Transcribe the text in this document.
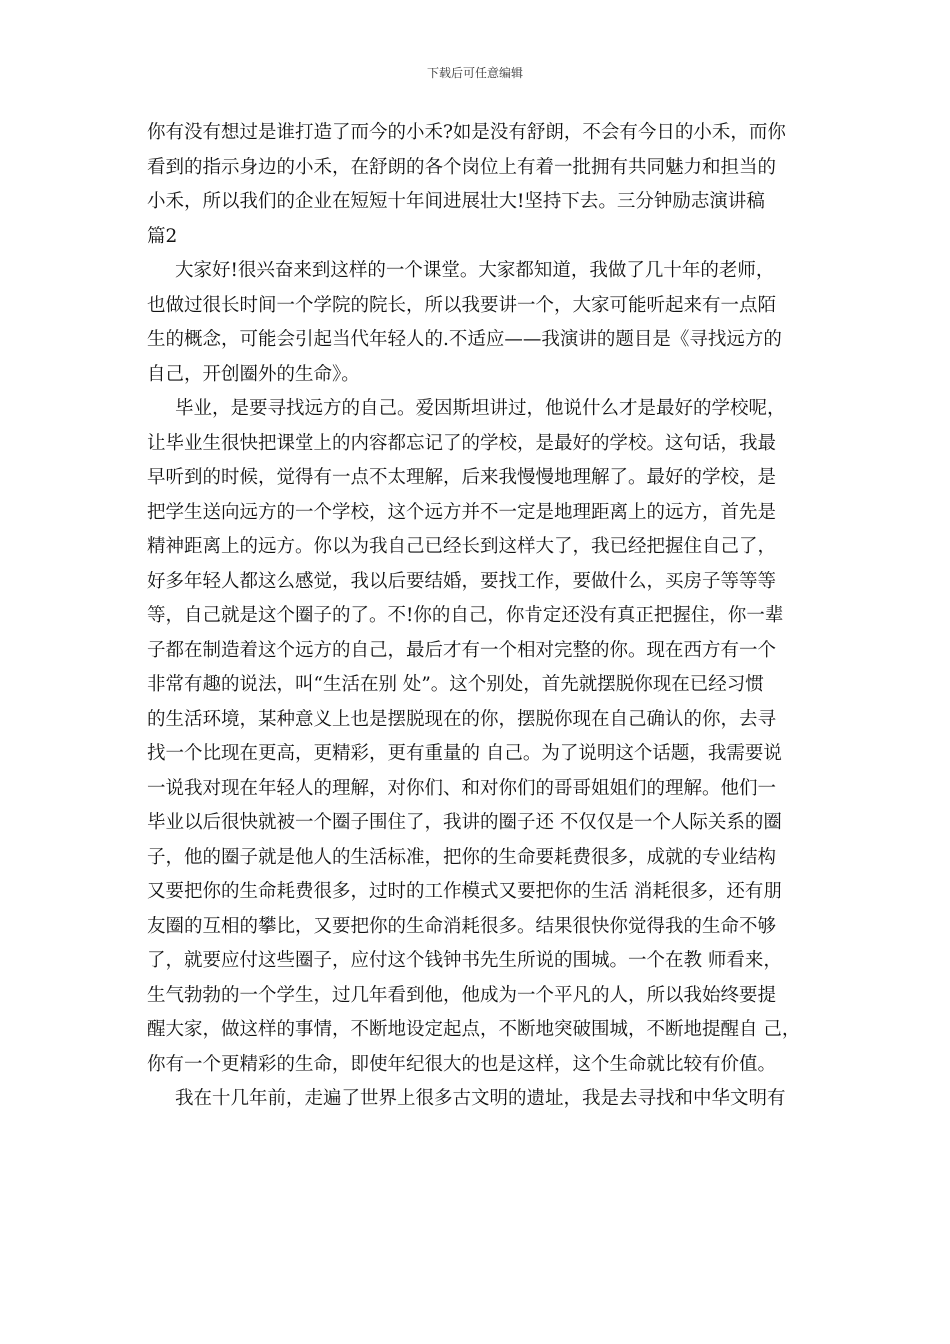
下载后可任意编辑
你有没有想过是谁打造了而今的小禾?如是没有舒朗，不会有今日的小禾，而你
看到的指示身边的小禾，在舒朗的各个岗位上有着一批拥有共同魅力和担当的
小禾，所以我们的企业在短短十年间进展壮大!坚持下去。三分钟励志演讲稿
篇2
大家好!很兴奋来到这样的一个课堂。大家都知道，我做了几十年的老师，
也做过很长时间一个学院的院长，所以我要讲一个，大家可能听起来有一点陌
生的概念，可能会引起当代年轻人的.不适应——我演讲的题目是《寻找远方的
自己，开创圈外的生命》。
毕业，是要寻找远方的自己。爱因斯坦讲过，他说什么才是最好的学校呢，
让毕业生很快把课堂上的内容都忘记了的学校，是最好的学校。这句话，我最
早听到的时候，觉得有一点不太理解，后来我慢慢地理解了。最好的学校，是
把学生送向远方的一个学校，这个远方并不一定是地理距离上的远方，首先是
精神距离上的远方。你以为我自己已经长到这样大了，我已经把握住自己了，
好多年轻人都这么感觉，我以后要结婚，要找工作，要做什么，买房子等等等
等，自己就是这个圈子的了。不!你的自己，你肯定还没有真正把握住，你一辈
子都在制造着这个远方的自己，最后才有一个相对完整的你。现在西方有一个
非常有趣的说法，叫“生活在别 处”。这个别处，首先就摆脱你现在已经习惯
的生活环境，某种意义上也是摆脱现在的你，摆脱你现在自己确认的你，去寻
找一个比现在更高，更精彩，更有重量的 自己。为了说明这个话题，我需要说
一说我对现在年轻人的理解，对你们、和对你们的哥哥姐姐们的理解。他们一
毕业以后很快就被一个圈子围住了，我讲的圈子还 不仅仅是一个人际关系的圈
子，他的圈子就是他人的生活标准，把你的生命要耗费很多，成就的专业结构
又要把你的生命耗费很多，过时的工作模式又要把你的生活 消耗很多，还有朋
友圈的互相的攀比，又要把你的生命消耗很多。结果很快你觉得我的生命不够
了，就要应付这些圈子，应付这个钱钟书先生所说的围城。一个在教 师看来，
生气勃勃的一个学生，过几年看到他，他成为一个平凡的人，所以我始终要提
醒大家，做这样的事情，不断地设定起点，不断地突破围城，不断地提醒自 己，
你有一个更精彩的生命，即使年纪很大的也是这样，这个生命就比较有价值。
我在十几年前，走遍了世界上很多古文明的遗址，我是去寻找和中华文明有
